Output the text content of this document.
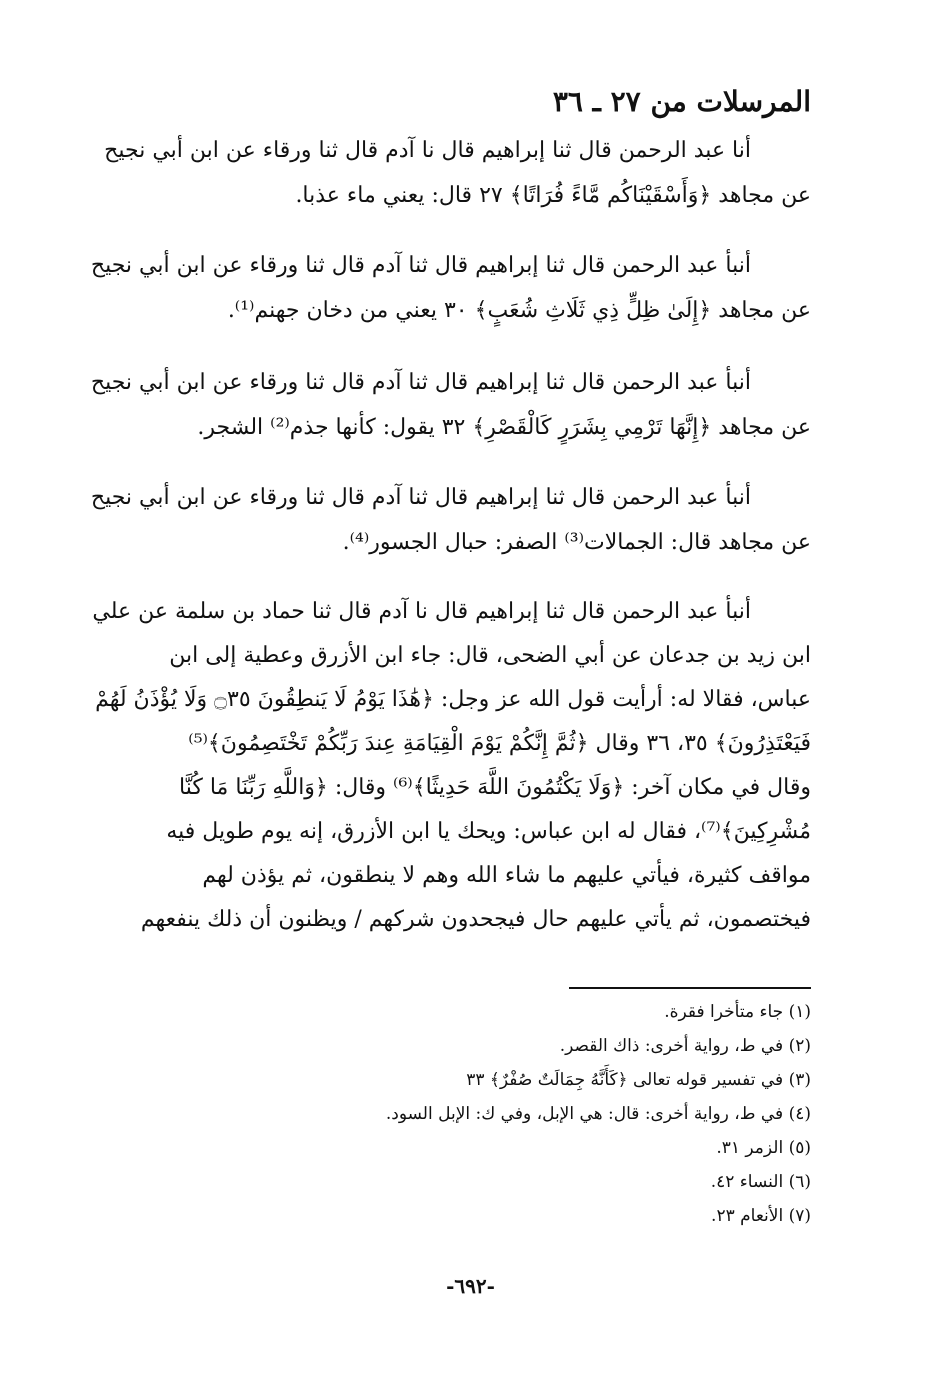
المرسلات من ٢٧ ـ ٣٦
أنا عبد الرحمن قال ثنا إبراهيم قال نا آدم قال ثنا ورقاء عن ابن أبي نجيح
عن مجاهد ﴿وَأَسْقَيْنَاكُم مَّاءً فُرَاتًا﴾ ٢٧ قال: يعني ماء عذبا.
أنبأ عبد الرحمن قال ثنا إبراهيم قال ثنا آدم قال ثنا ورقاء عن ابن أبي نجيح
عن مجاهد ﴿إِلَىٰ ظِلٍّ ذِي ثَلَاثِ شُعَبٍ﴾ ٣٠ يعني من دخان جهنم⁽¹⁾.
أنبأ عبد الرحمن قال ثنا إبراهيم قال ثنا آدم قال ثنا ورقاء عن ابن أبي نجيح
عن مجاهد ﴿إِنَّهَا تَرْمِي بِشَرَرٍ كَالْقَصْرِ﴾ ٣٢ يقول: كأنها جذم⁽²⁾ الشجر.
أنبأ عبد الرحمن قال ثنا إبراهيم قال ثنا آدم قال ثنا ورقاء عن ابن أبي نجيح
عن مجاهد قال: الجمالات⁽³⁾ الصفر: حبال الجسور⁽⁴⁾.
أنبأ عبد الرحمن قال ثنا إبراهيم قال نا آدم قال ثنا حماد بن سلمة عن علي
ابن زيد بن جدعان عن أبي الضحى، قال: جاء ابن الأزرق وعطية إلى ابن
عباس، فقالا له: أرأيت قول الله عز وجل: ﴿هَٰذَا يَوْمُ لَا يَنطِقُونَ ۝٣٥ وَلَا يُؤْذَنُ لَهُمْ
فَيَعْتَذِرُونَ﴾ ٣٥، ٣٦ وقال ﴿ثُمَّ إِنَّكُمْ يَوْمَ الْقِيَامَةِ عِندَ رَبِّكُمْ تَخْتَصِمُونَ﴾⁽⁵⁾
وقال في مكان آخر: ﴿وَلَا يَكْتُمُونَ اللَّهَ حَدِيثًا﴾⁽⁶⁾ وقال: ﴿وَاللَّهِ رَبِّنَا مَا كُنَّا
مُشْرِكِينَ﴾⁽⁷⁾، فقال له ابن عباس: ويحك يا ابن الأزرق، إنه يوم طويل فيه
مواقف كثيرة، فيأتي عليهم ما شاء الله وهم لا ينطقون، ثم يؤذن لهم
فيختصمون، ثم يأتي عليهم حال فيجحدون شركهم / ويظنون أن ذلك ينفعهم
(١) جاء متأخرا فقرة.
(٢) في ط، رواية أخرى: ذاك القصر.
(٣) في تفسير قوله تعالى ﴿كَأَنَّهُ جِمَالَتٌ صُفْرٌ﴾ ٣٣
(٤) في ط، رواية أخرى: قال: هي الإبل، وفي ك: الإبل السود.
(٥) الزمر ٣١.
(٦) النساء ٤٢.
(٧) الأنعام ٢٣.
-٦٩٢-
